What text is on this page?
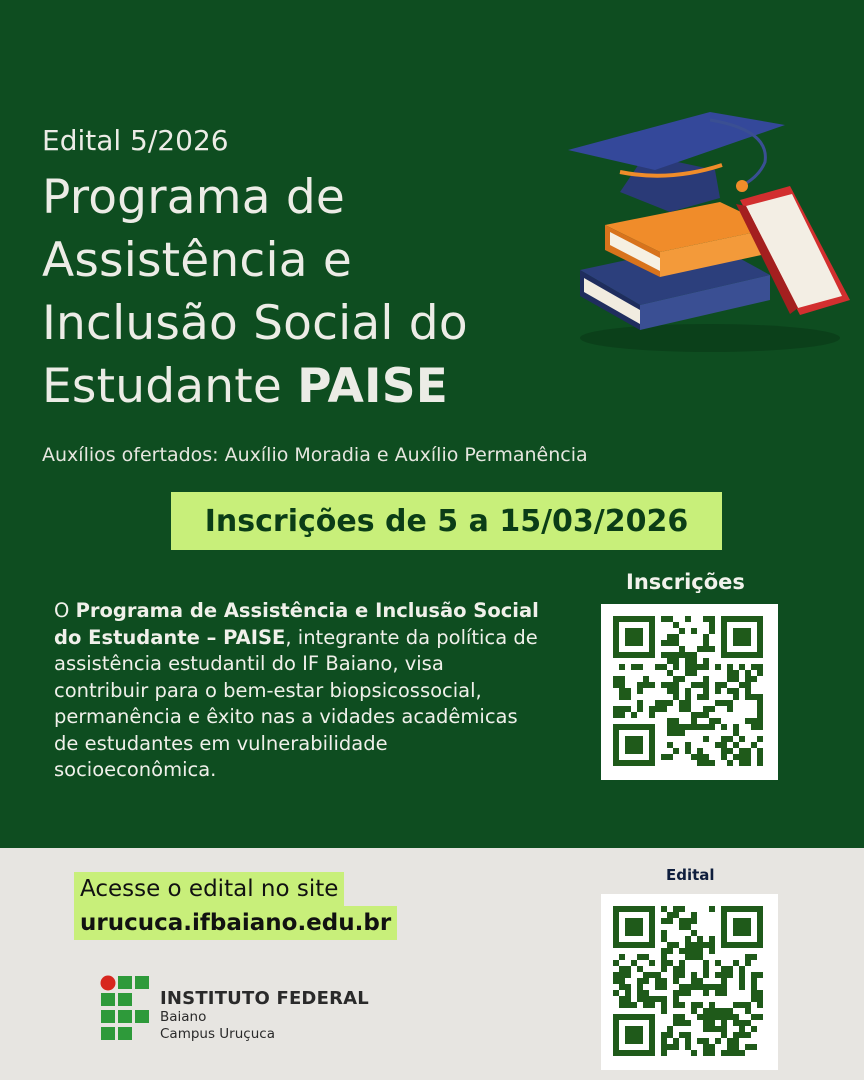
Edital 5/2026
Programa de
Assistência e
Inclusão Social do
Estudante PAISE
Auxílios ofertados: Auxílio Moradia e Auxílio Permanência
Inscrições de 5 a 15/03/2026
O Programa de Assistência e Inclusão Social do Estudante – PAISE, integrante da política de assistência estudantil do IF Baiano, visa contribuir para o bem-estar biopsicossocial, permanência e êxito nas a vidades acadêmicas de estudantes em vulnerabilidade socioeconômica.
Inscrições
Edital
Acesse o edital no site
urucuca.ifbaiano.edu.br
INSTITUTO FEDERAL
Baiano
Campus Uruçuca
